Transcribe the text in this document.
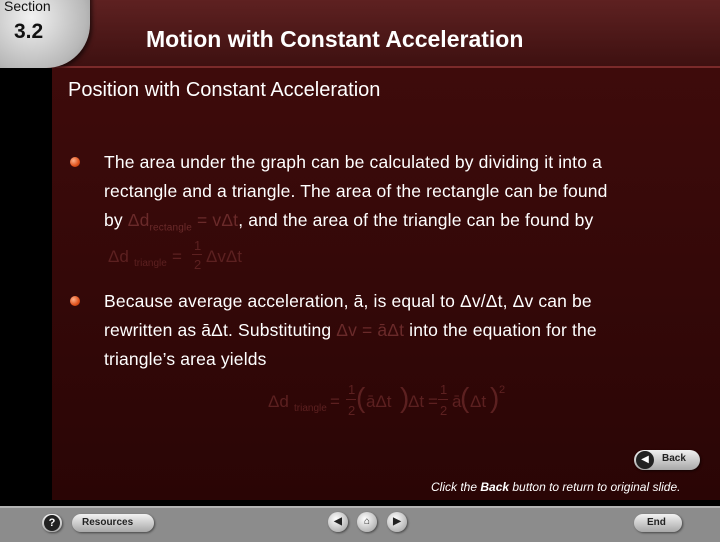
Section
3.2	Motion with Constant Acceleration
Position with Constant Acceleration
The area under the graph can be calculated by dividing it into a
rectangle and a triangle. The area of the rectangle can be found
by $\Delta d_{rectangle} = v\Delta t$, and the area of the triangle can be found by
Δd triangle =
1
2 ΔvΔt
Because average acceleration, ā, is equal to Δv/Δt, Δv can be
rewritten as āΔt. Substituting Δv = āΔt into the equation for the
triangle’s area yields
Δd triangle =
1
2 ( āΔt )
Δt =
1
2 ā
( Δt ) 2
◀	Back
Click the Back button to return to original slide.
?	Resources	◀	⌂	▶	End
